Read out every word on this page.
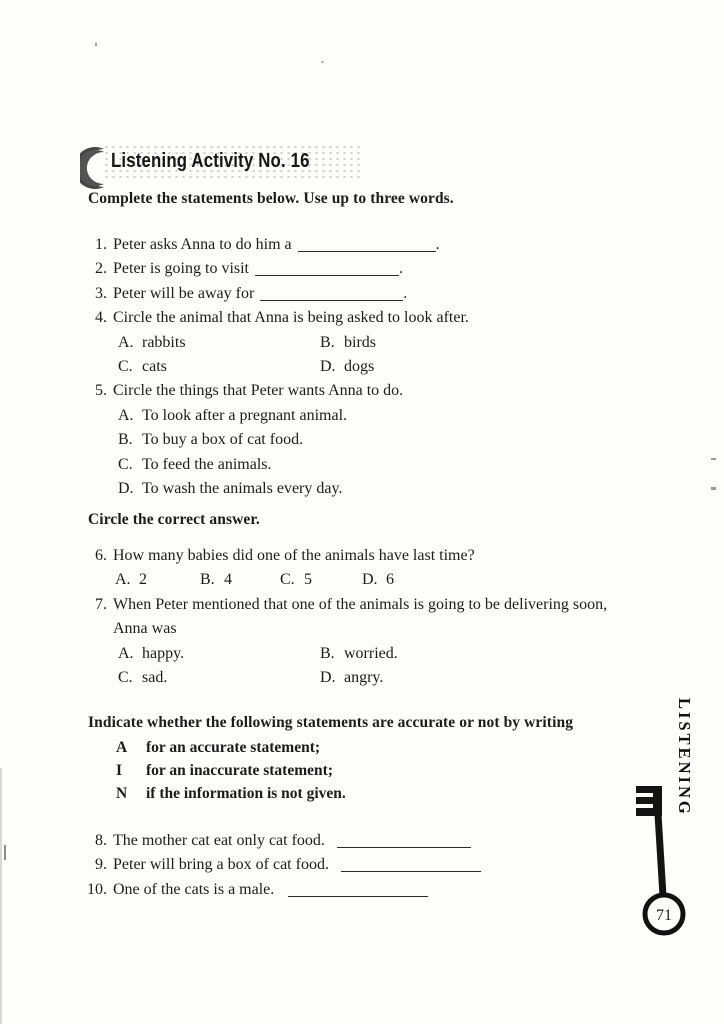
Listening Activity No. 16

Complete the statements below. Use up to three words.

1. Peter asks Anna to do him a	.
2. Peter is going to visit	.
3. Peter will be away for	.
4. Circle the animal that Anna is being asked to look after.
A. rabbits	B. birds
C. cats	D. dogs
5. Circle the things that Peter wants Anna to do.
A. To look after a pregnant animal.
B. To buy a box of cat food.
C. To feed the animals.
D. To wash the animals every day.

Circle the correct answer.

6. How many babies did one of the animals have last time?
A. 2	B. 4	C. 5	D. 6
7. When Peter mentioned that one of the animals is going to be delivering soon,
Anna was
A. happy.	B. worried.
C. sad.	D. angry.

Indicate whether the following statements are accurate or not by writing

A	for an accurate statement;
I	for an inaccurate statement;
N	if the information is not given.
8. The mother cat eat only cat food.
9. Peter will bring a box of cat food.
10. One of the cats is a male.
LISTENING
71
